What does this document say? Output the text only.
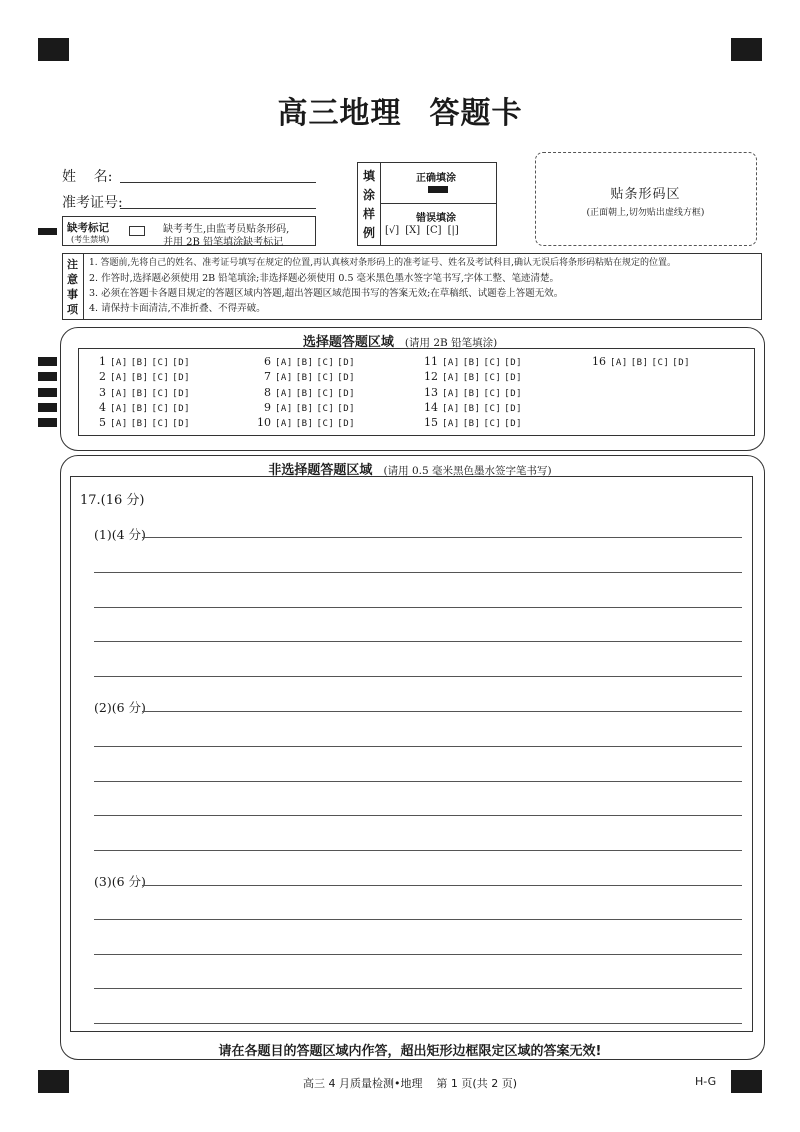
高三地理 答题卡
姓    名:
准考证号:
缺考标记
(考生禁填)
缺考考生,由监考员贴条形码,
并用 2B 铅笔填涂缺考标记
填
涂
样
例
正确填涂
错误填涂
[√] [X] [C] [|]
贴条形码区
(正面朝上,切勿贴出虚线方框)
注
意
事
项
1. 答题前,先将自己的姓名、准考证号填写在规定的位置,再认真核对条形码上的准考证号、姓名及考试科目,确认无误后将条形码粘贴在规定的位置。
2. 作答时,选择题必须使用 2B 铅笔填涂;非选择题必须使用 0.5 毫米黑色墨水签字笔书写,字体工整、笔迹清楚。
3. 必须在答题卡各题目规定的答题区域内答题,超出答题区域范围书写的答案无效;在草稿纸、试题卷上答题无效。
4. 请保持卡面清洁,不准折叠、不得弄破。
选择题答题区域 (请用 2B 铅笔填涂)
1 [A] [B] [C] [D]
2 [A] [B] [C] [D]
3 [A] [B] [C] [D]
4 [A] [B] [C] [D]
5 [A] [B] [C] [D]
6 [A] [B] [C] [D]
7 [A] [B] [C] [D]
8 [A] [B] [C] [D]
9 [A] [B] [C] [D]
10 [A] [B] [C] [D]
11 [A] [B] [C] [D]
12 [A] [B] [C] [D]
13 [A] [B] [C] [D]
14 [A] [B] [C] [D]
15 [A] [B] [C] [D]
16 [A] [B] [C] [D]
非选择题答题区域 (请用 0.5 毫米黑色墨水签字笔书写)
17.(16 分)
(1)(4 分)
(2)(6 分)
(3)(6 分)
请在各题目的答题区域内作答，超出矩形边框限定区域的答案无效!
高三 4 月质量检测•地理    第 1 页(共 2 页)	H-G
